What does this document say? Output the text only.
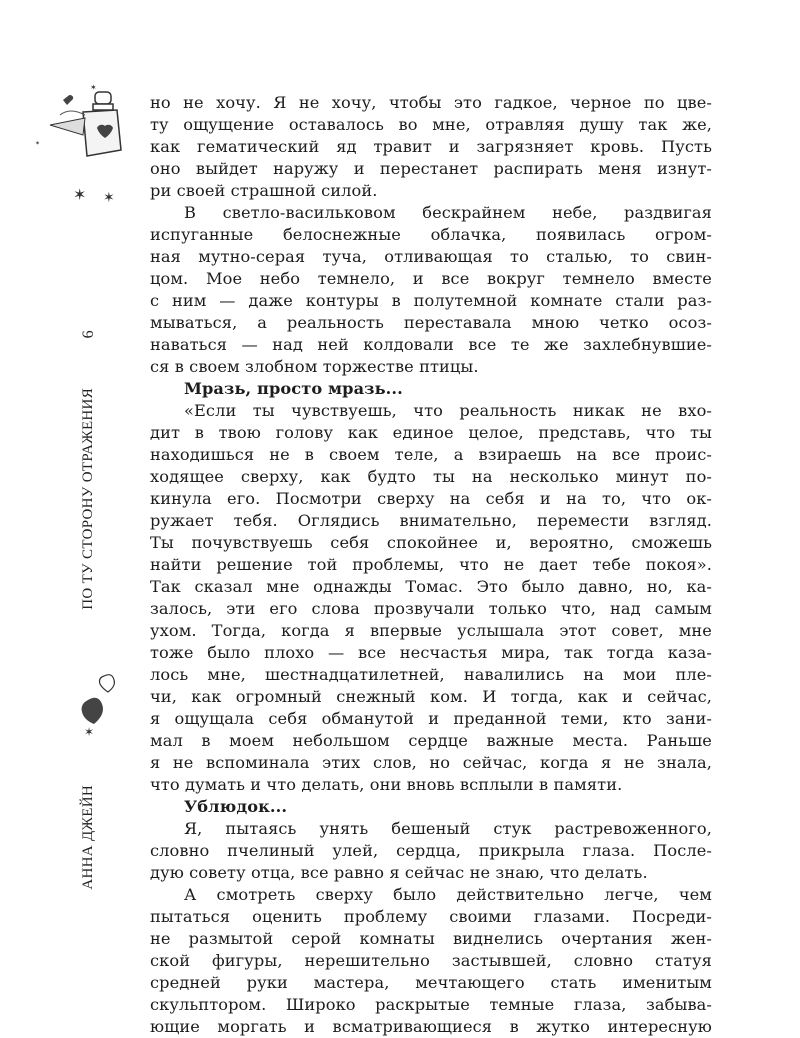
✶ ✶
✶
✶
6
ПО ТУ СТОРОНУ ОТРАЖЕНИЯ
✶
АННА ДЖЕЙН
но не хочу. Я не хочу, чтобы это гадкое, черное по цве-
ту ощущение оставалось во мне, отравляя душу так же,
как гематический яд травит и загрязняет кровь. Пусть
оно выйдет наружу и перестанет распирать меня изнут-
ри своей страшной силой.
В светло-васильковом бескрайнем небе, раздвигая
испуганные белоснежные облачка, появилась огром-
ная мутно-серая туча, отливающая то сталью, то свин-
цом. Мое небо темнело, и все вокруг темнело вместе
с ним — даже контуры в полутемной комнате стали раз-
мываться, а реальность переставала мною четко осоз-
наваться — над ней колдовали все те же захлебнувшие-
ся в своем злобном торжестве птицы.
Мразь, просто мразь...
«Если ты чувствуешь, что реальность никак не вхо-
дит в твою голову как единое целое, представь, что ты
находишься не в своем теле, а взираешь на все проис-
ходящее сверху, как будто ты на несколько минут по-
кинула его. Посмотри сверху на себя и на то, что ок-
ружает тебя. Оглядись внимательно, перемести взгляд.
Ты почувствуешь себя спокойнее и, вероятно, сможешь
найти решение той проблемы, что не дает тебе покоя».
Так сказал мне однажды Томас. Это было давно, но, ка-
залось, эти его слова прозвучали только что, над самым
ухом. Тогда, когда я впервые услышала этот совет, мне
тоже было плохо — все несчастья мира, так тогда каза-
лось мне, шестнадцатилетней, навалились на мои пле-
чи, как огромный снежный ком. И тогда, как и сейчас,
я ощущала себя обманутой и преданной теми, кто зани-
мал в моем небольшом сердце важные места. Раньше
я не вспоминала этих слов, но сейчас, когда я не знала,
что думать и что делать, они вновь всплыли в памяти.
Ублюдок...
Я, пытаясь унять бешеный стук растревоженного,
словно пчелиный улей, сердца, прикрыла глаза. После-
дую совету отца, все равно я сейчас не знаю, что делать.
А смотреть сверху было действительно легче, чем
пытаться оценить проблему своими глазами. Посреди-
не размытой серой комнаты виднелись очертания жен-
ской фигуры, нерешительно застывшей, словно статуя
средней руки мастера, мечтающего стать именитым
скульптором. Широко раскрытые темные глаза, забыва-
ющие моргать и всматривающиеся в жутко интересную
